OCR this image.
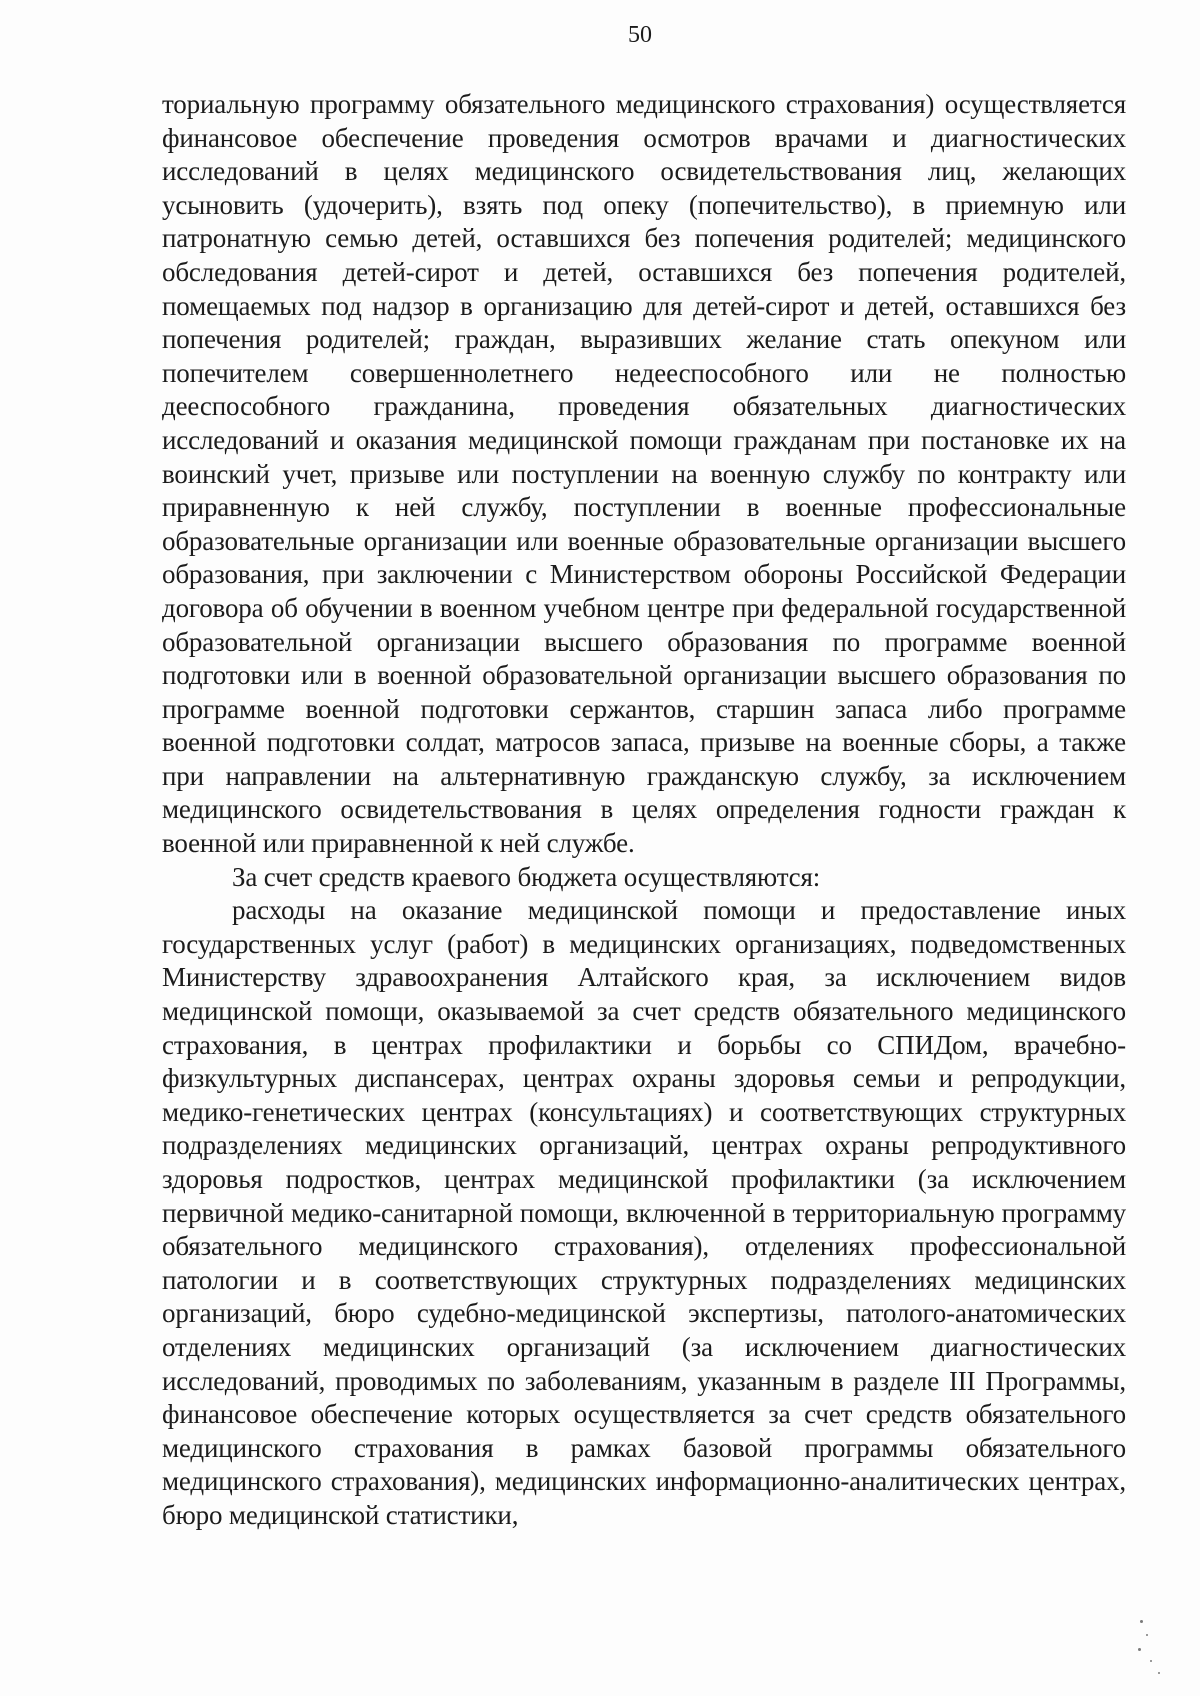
50

ториальную программу обязательного медицинского страхования) осуществляется финансовое обеспечение проведения осмотров врачами и диагностических исследований в целях медицинского освидетельствования лиц, желающих усыновить (удочерить), взять под опеку (попечительство), в приемную или патронатную семью детей, оставшихся без попечения родителей; медицинского обследования детей-сирот и детей, оставшихся без попечения родителей, помещаемых под надзор в организацию для детей-сирот и детей, оставшихся без попечения родителей; граждан, выразивших желание стать опекуном или попечителем совершеннолетнего недееспособного или не полностью дееспособного гражданина, проведения обязательных диагностических исследований и оказания медицинской помощи гражданам при постановке их на воинский учет, призыве или поступлении на военную службу по контракту или приравненную к ней службу, поступлении в военные профессиональные образовательные организации или военные образовательные организации высшего образования, при заключении с Министерством обороны Российской Федерации договора об обучении в военном учебном центре при федеральной государственной образовательной организации высшего образования по программе военной подготовки или в военной образовательной организации высшего образования по программе военной подготовки сержантов, старшин запаса либо программе военной подготовки солдат, матросов запаса, призыве на военные сборы, а также при направлении на альтернативную гражданскую службу, за исключением медицинского освидетельствования в целях определения годности граждан к военной или приравненной к ней службе.

За счет средств краевого бюджета осуществляются:

расходы на оказание медицинской помощи и предоставление иных государственных услуг (работ) в медицинских организациях, подведомственных Министерству здравоохранения Алтайского края, за исключением видов медицинской помощи, оказываемой за счет средств обязательного медицинского страхования, в центрах профилактики и борьбы со СПИДом, врачебно-физкультурных диспансерах, центрах охраны здоровья семьи и репродукции, медико-генетических центрах (консультациях) и соответствующих структурных подразделениях медицинских организаций, центрах охраны репродуктивного здоровья подростков, центрах медицинской профилактики (за исключением первичной медико-санитарной помощи, включенной в территориальную программу обязательного медицинского страхования), отделениях профессиональной патологии и в соответствующих структурных подразделениях медицинских организаций, бюро судебно-медицинской экспертизы, патолого-анатомических отделениях медицинских организаций (за исключением диагностических исследований, проводимых по заболеваниям, указанным в разделе III Программы, финансовое обеспечение которых осуществляется за счет средств обязательного медицинского страхования в рамках базовой программы обязательного медицинского страхования), медицинских информационно-аналитических центрах, бюро медицинской статистики,
